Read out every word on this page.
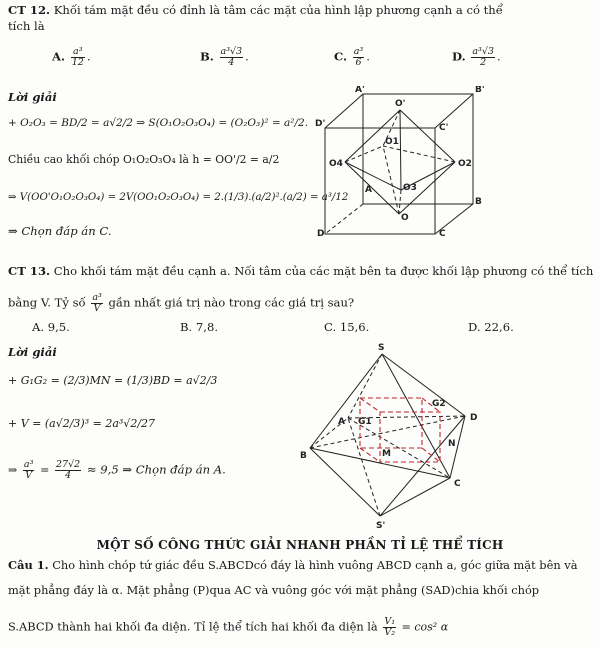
CT 12. Khối tám mặt đều có đỉnh là tâm các mặt của hình lập phương cạnh a có thể
tích là
A. $\frac{\text{a³}}{12}$ .	B. $\frac{\text{a³√3}}{4}$ .	C. $\frac{\text{a³}}{6}$ .	D. $\frac{\text{a³√3}}{2}$ .
Lời giải
+ O₂O₃ = BD/2 = a√2/2 ⇒ S(O₁O₂O₃O₄) = (O₂O₃)² = a²/2.
Chiều cao khối chóp O₁O₂O₃O₄ là h = OO'/2 = a/2
⇒ V(OO'O₁O₂O₃O₄) = 2V(OO₁O₂O₃O₄) = 2.(1/3).(a/2)².(a/2) = a³/12
⇒ Chọn đáp án C.
A'
O'
B'
D'
O1
C'
O4	O2
A	O3
B
O
D	C
CT 13. Cho khối tám mặt đều cạnh a. Nối tâm của các mặt bên ta được khối lập phương có thể tích
bằng V. Tỷ số $\frac{\text{a³}}{V}$ gần nhất giá trị nào trong các giá trị sau?
A. 9,5.	B. 7,8.	C. 15,6.	D. 22,6.
Lời giải
+ G₁G₂ = (2/3)MN = (1/3)BD = a√2/3
+ V = (a√2/3)³ = 2a³√2/27
⇒ $\frac{\text{a³}}{V} = \frac{27√2}{4} \approx 9,5$ ⇒ Chọn đáp án A.
S
G2
A G1	D
M
N
B
C
S'
MỘT SỐ CÔNG THỨC GIẢI NHANH PHẦN TỈ LỆ THỂ TÍCH
Câu 1. Cho hình chóp tứ giác đều S.ABCDcó đáy là hình vuông ABCD cạnh a, góc giữa mặt bên và
mặt phẳng đáy là α. Mặt phẳng (P)qua AC và vuông góc với mặt phẳng (SAD)chia khối chóp
S.ABCD thành hai khối đa diện. Tỉ lệ thể tích hai khối đa diện là $\frac{\text{V₁}}{\text{V₂}} = \cos^2$ α
